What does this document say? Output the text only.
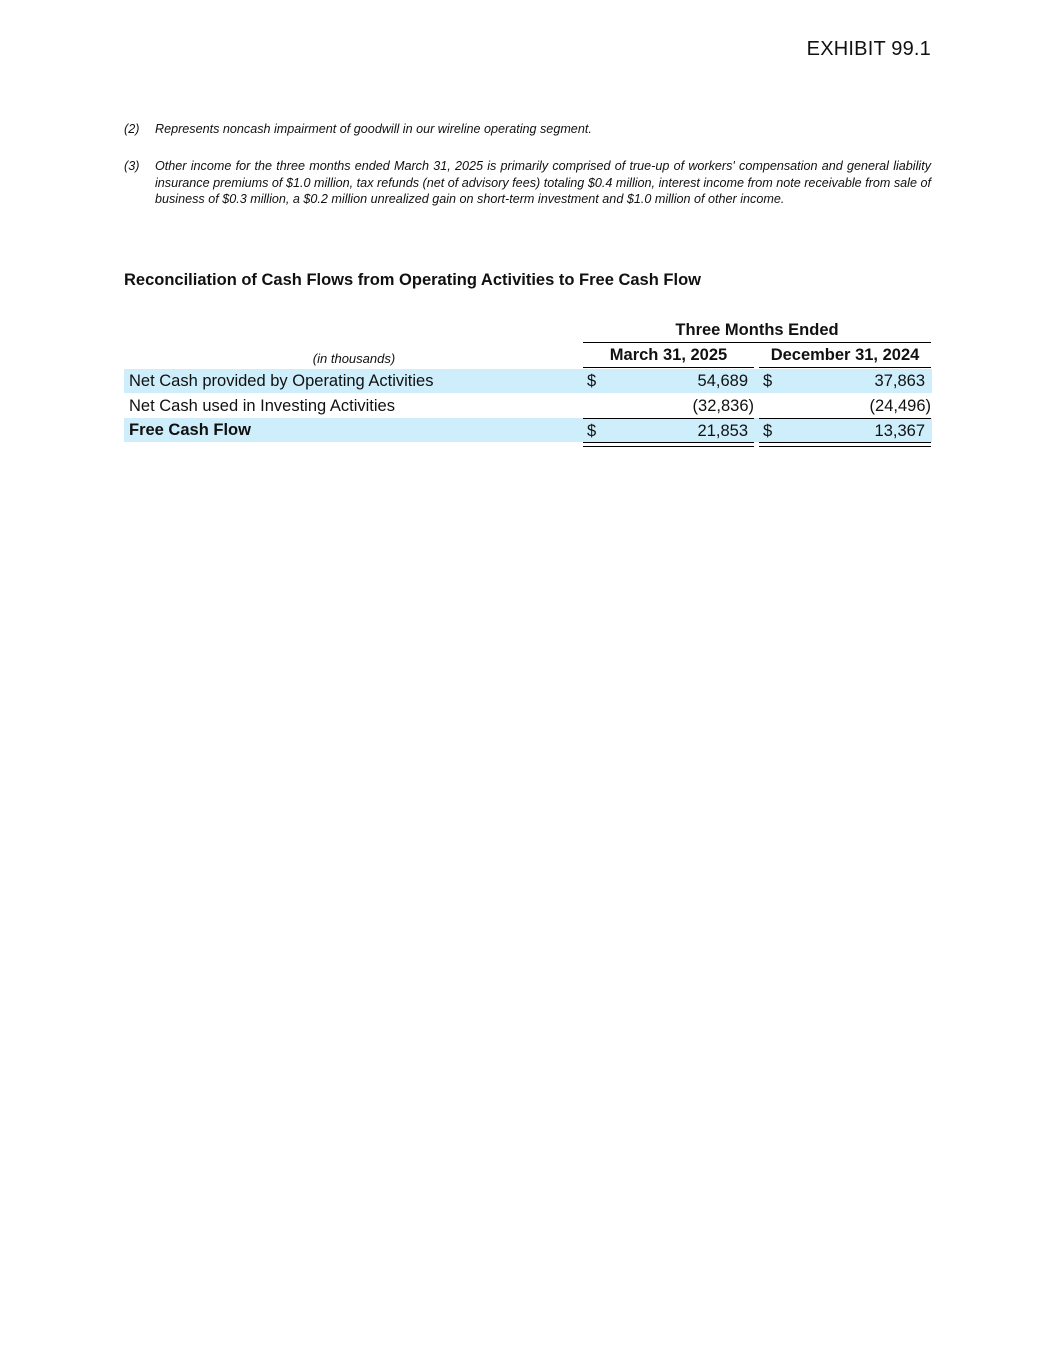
EXHIBIT 99.1
(2)	Represents noncash impairment of goodwill in our wireline operating segment.
(3)	Other income for the three months ended March 31, 2025 is primarily comprised of true-up of workers' compensation and general liability insurance premiums of $1.0 million, tax refunds (net of advisory fees) totaling $0.4 million, interest income from note receivable from sale of business of $0.3 million, a $0.2 million unrealized gain on short-term investment and $1.0 million of other income.
Reconciliation of Cash Flows from Operating Activities to Free Cash Flow
Three Months Ended
(in thousands)	March 31, 2025	December 31, 2024
Net Cash provided by Operating Activities	$	54,689 $	37,863
Net Cash used in Investing Activities	(32,836)	(24,496)
Free Cash Flow	$	21,853 $	13,367
